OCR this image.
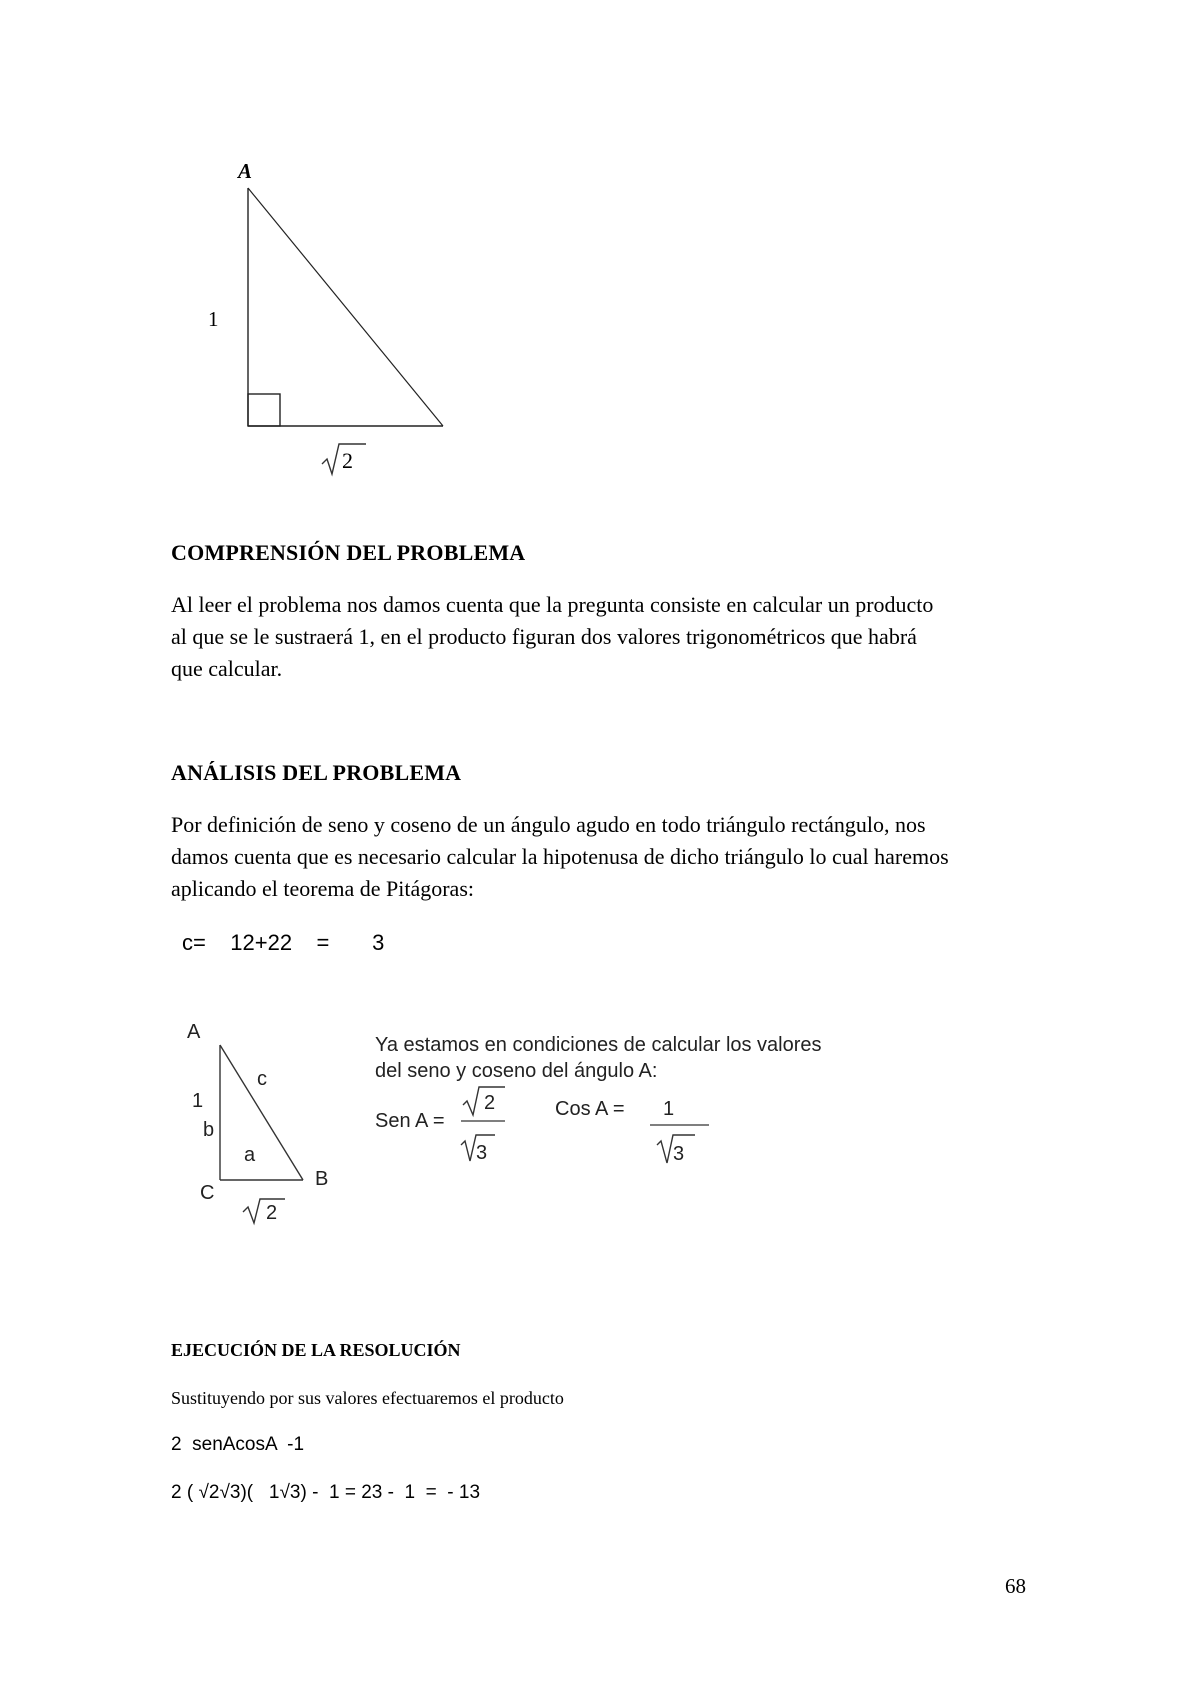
A
1
2
COMPRENSIÓN DEL PROBLEMA
Al leer el problema nos damos cuenta que la pregunta consiste en calcular un producto
al que se le sustraerá 1, en el producto figuran dos valores trigonométricos que habrá
que calcular.
ANÁLISIS DEL PROBLEMA
Por definición de seno y coseno de un ángulo agudo en todo triángulo rectángulo, nos
damos cuenta que es necesario calcular la hipotenusa de dicho triángulo lo cual haremos
aplicando el teorema de Pitágoras:
c=    12+22    =       3
A
c
1
b
a
C
B
2
Ya estamos en condiciones de calcular los valores
del seno y coseno del ángulo A:
Sen A =
2
3
Cos A = 1
3
EJECUCIÓN DE LA RESOLUCIÓN
Sustituyendo por sus valores efectuaremos el producto
2  senAcosA  -1
2 ( √2√3)(   1√3) -  1 = 23 -  1  =  - 13
68
